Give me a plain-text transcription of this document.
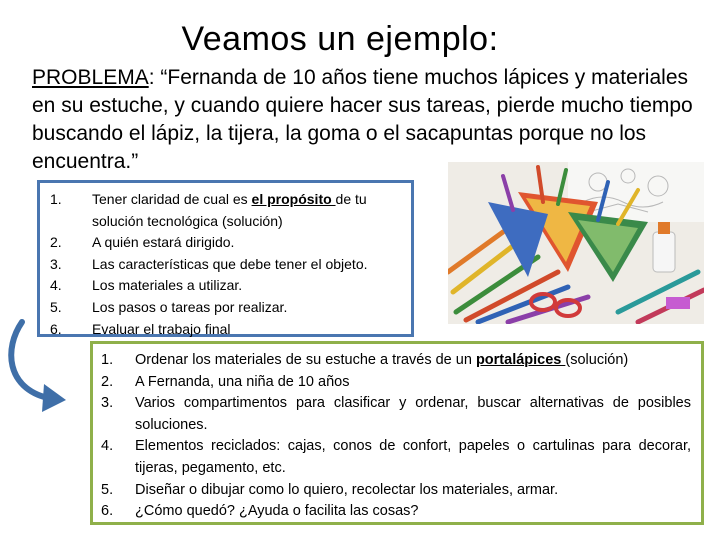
Veamos un ejemplo:
PROBLEMA: “Fernanda de 10 años tiene muchos lápices y materiales en su estuche, y cuando quiere hacer sus tareas, pierde mucho tiempo buscando el lápiz, la tijera, la goma o el sacapuntas porque no los encuentra.”
1.	Tener claridad de cual es el propósito de tu solución tecnológica (solución)
2.	A quién estará dirigido.
3.	Las características que debe tener el objeto.
4.	Los materiales a utilizar.
5.	Los pasos o tareas por realizar.
6.	Evaluar el trabajo final
1.	Ordenar los materiales de su estuche a través de un portalápices (solución)
2.	A Fernanda, una niña de 10 años
3.	Varios compartimentos para clasificar y ordenar, buscar alternativas de posibles soluciones.
4.	Elementos reciclados: cajas, conos de confort, papeles o cartulinas para decorar, tijeras, pegamento, etc.
5.	Diseñar o dibujar como lo quiero, recolectar los materiales, armar.
6.	¿Cómo quedó? ¿Ayuda o facilita las cosas?
